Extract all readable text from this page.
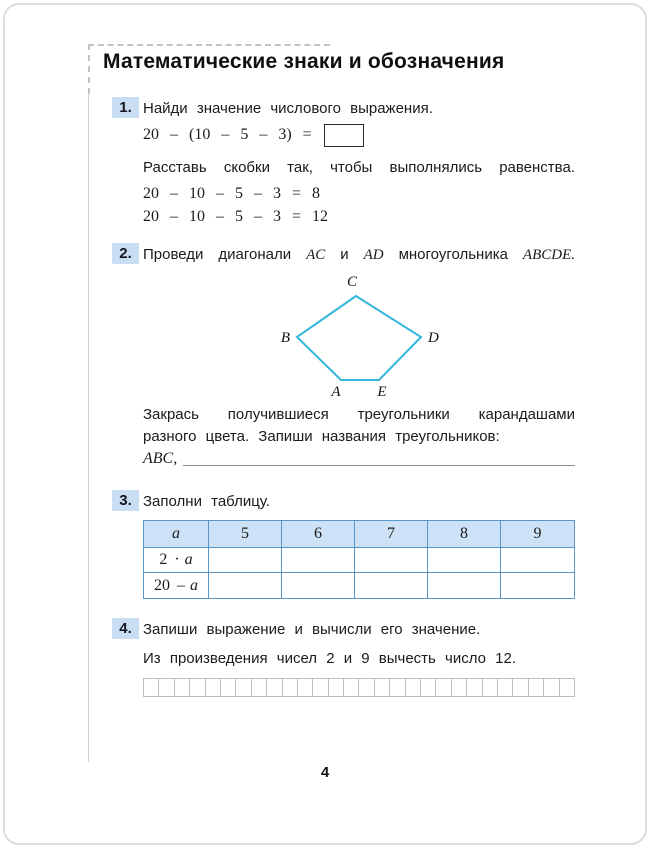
Математические знаки и обозначения
1. Найди значение числового выражения.
20 – (10 – 5 – 3) =
Расставь скобки так, чтобы выполнялись равенства.
20 – 10 – 5 – 3 = 8
20 – 10 – 5 – 3 = 12
2. Проведи диагонали AC и AD многоугольника ABCDE.
C
B	D
A E
Закрась получившиеся треугольники карандашами
разного цвета. Запиши названия треугольников:
ABC,
3. Заполни таблицу.
a	5	6	7	8	9
2 · a
20 – a
4. Запиши выражение и вычисли его значение.
Из произведения чисел 2 и 9 вычесть число 12.
4
